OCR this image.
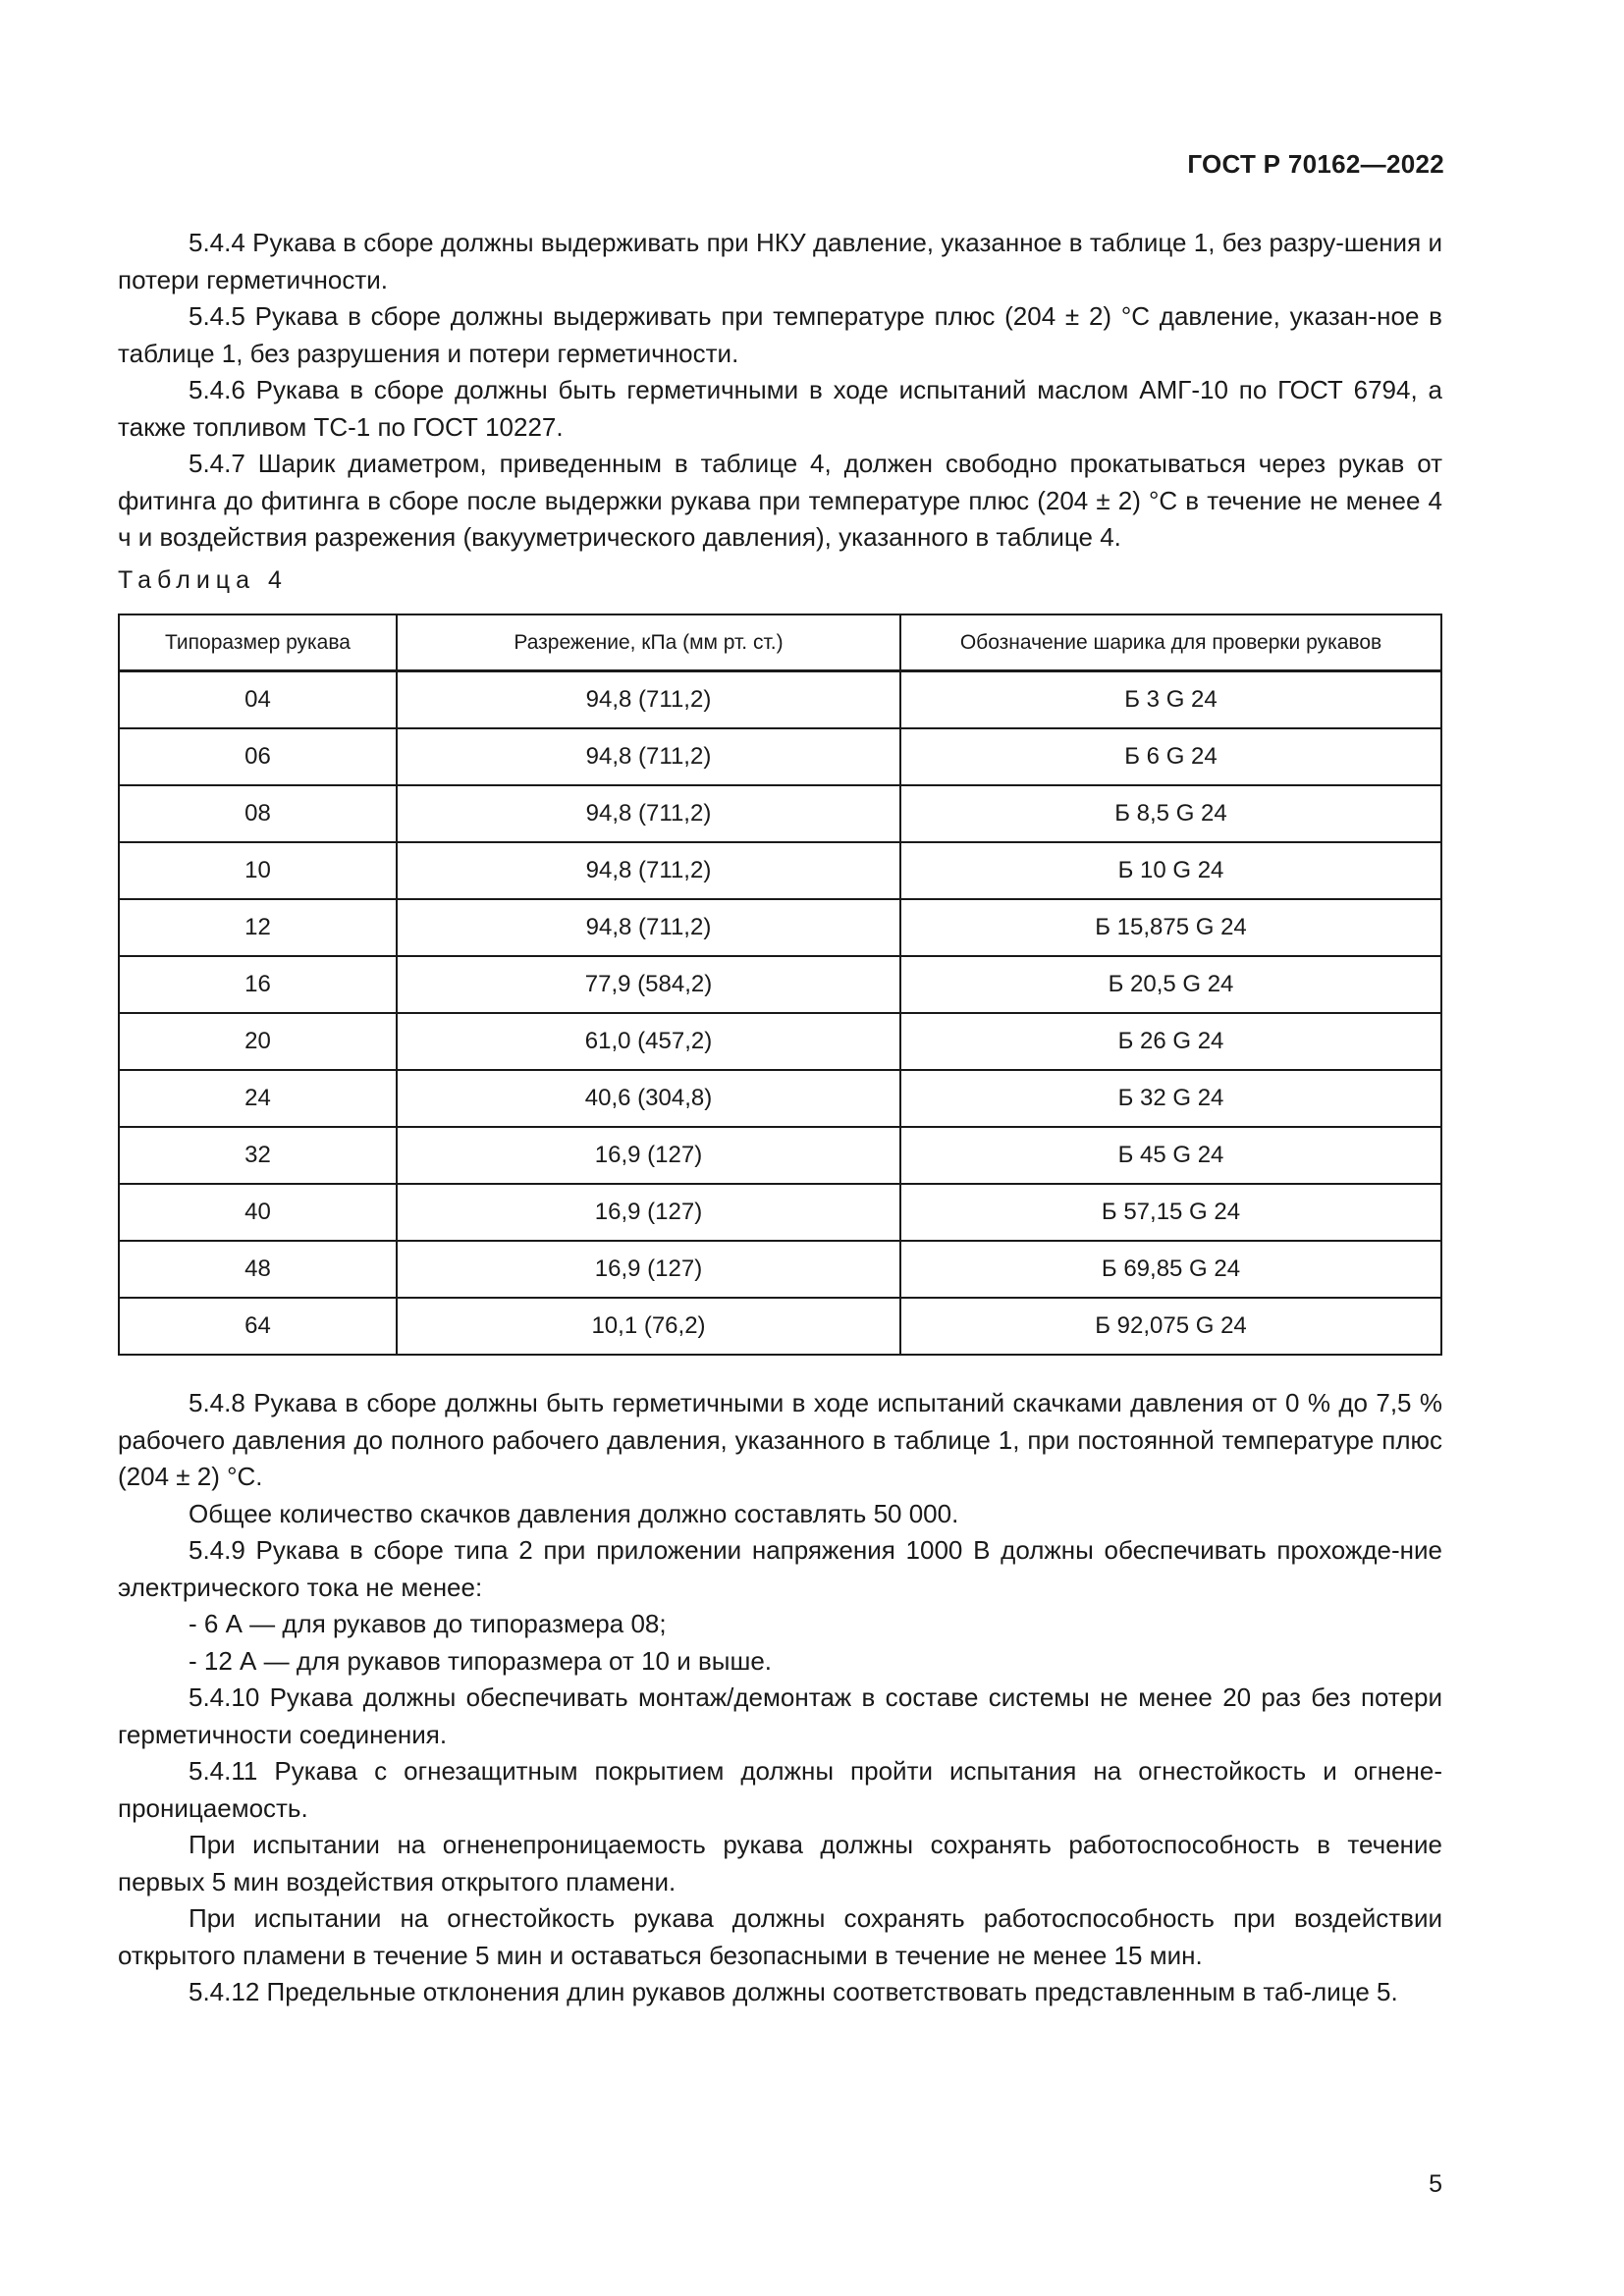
ГОСТ Р 70162—2022

5.4.4 Рукава в сборе должны выдерживать при НКУ давление, указанное в таблице 1, без разру-шения и потери герметичности.

5.4.5 Рукава в сборе должны выдерживать при температуре плюс (204 ± 2) °С давление, указан-ное в таблице 1, без разрушения и потери герметичности.

5.4.6 Рукава в сборе должны быть герметичными в ходе испытаний маслом АМГ-10 по ГОСТ 6794, а также топливом ТС-1 по ГОСТ 10227.

5.4.7 Шарик диаметром, приведенным в таблице 4, должен свободно прокатываться через рукав от фитинга до фитинга в сборе после выдержки рукава при температуре плюс (204 ± 2) °С в течение не менее 4 ч и воздействия разрежения (вакууметрического давления), указанного в таблице 4.

Таблица 4
Типоразмер рукава	Разрежение, кПа (мм рт. ст.)	Обозначение шарика для проверки рукавов
04	94,8 (711,2)	Б 3 G 24
06	94,8 (711,2)	Б 6 G 24
08	94,8 (711,2)	Б 8,5 G 24
10	94,8 (711,2)	Б 10 G 24
12	94,8 (711,2)	Б 15,875 G 24
16	77,9 (584,2)	Б 20,5 G 24
20	61,0 (457,2)	Б 26 G 24
24	40,6 (304,8)	Б 32 G 24
32	16,9 (127)	Б 45 G 24
40	16,9 (127)	Б 57,15 G 24
48	16,9 (127)	Б 69,85 G 24
64	10,1 (76,2)	Б 92,075 G 24

5.4.8 Рукава в сборе должны быть герметичными в ходе испытаний скачками давления от 0 % до 7,5 % рабочего давления до полного рабочего давления, указанного в таблице 1, при постоянной температуре плюс (204 ± 2) °С.

Общее количество скачков давления должно составлять 50 000.

5.4.9 Рукава в сборе типа 2 при приложении напряжения 1000 В должны обеспечивать прохожде-ние электрического тока не менее:

- 6 А — для рукавов до типоразмера 08;

- 12 А — для рукавов типоразмера от 10 и выше.

5.4.10 Рукава должны обеспечивать монтаж/демонтаж в составе системы не менее 20 раз без потери герметичности соединения.

5.4.11 Рукава с огнезащитным покрытием должны пройти испытания на огнестойкость и огнене-проницаемость.

При испытании на огненепроницаемость рукава должны сохранять работоспособность в течение первых 5 мин воздействия открытого пламени.

При испытании на огнестойкость рукава должны сохранять работоспособность при воздействии открытого пламени в течение 5 мин и оставаться безопасными в течение не менее 15 мин.

5.4.12 Предельные отклонения длин рукавов должны соответствовать представленным в таб-лице 5.

5
